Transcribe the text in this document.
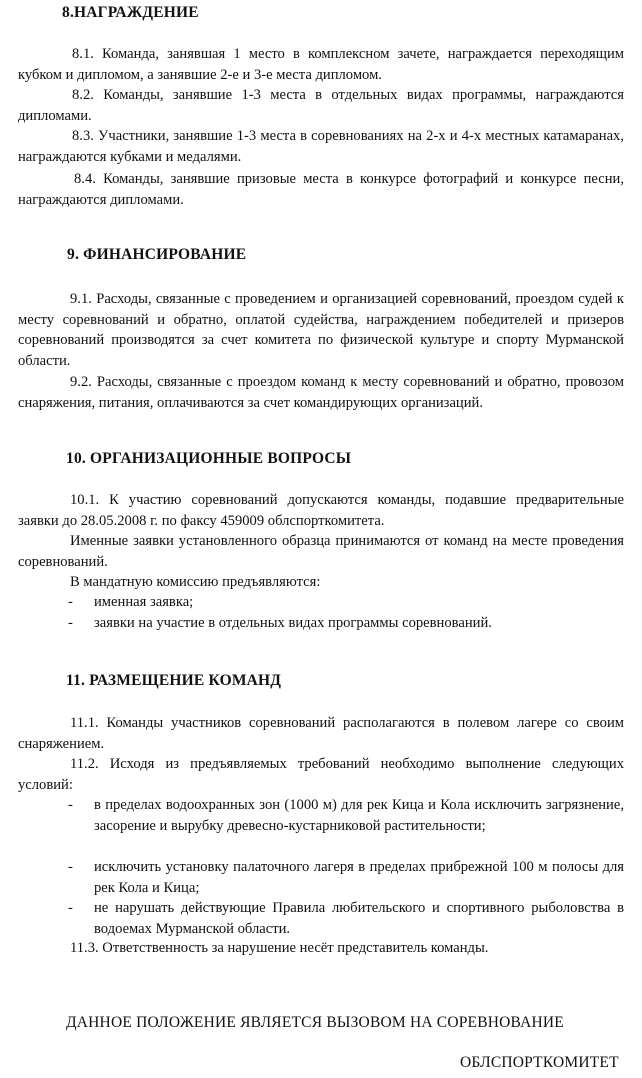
8.НАГРАЖДЕНИЕ
8.1. Команда, занявшая 1 место в комплексном зачете, награждается переходящим кубком и дипломом, а занявшие 2-е и 3-е места дипломом.
8.2. Команды, занявшие 1-3 места в отдельных видах программы, награждаются дипломами.
8.3. Участники, занявшие 1-3 места в соревнованиях на 2-х и 4-х местных катамаранах, награждаются кубками и медалями.
8.4. Команды, занявшие призовые места в конкурсе фотографий и конкурсе песни, награждаются дипломами.
9. ФИНАНСИРОВАНИЕ
9.1. Расходы, связанные с проведением и организацией соревнований, проездом судей к месту соревнований и обратно, оплатой судейства, награждением победителей и призеров соревнований производятся за счет комитета по физической культуре и спорту Мурманской области.
9.2. Расходы, связанные с проездом команд к месту соревнований и обратно, провозом снаряжения, питания, оплачиваются за счет командирующих организаций.
10. ОРГАНИЗАЦИОННЫЕ ВОПРОСЫ
10.1. К участию соревнований допускаются команды, подавшие предварительные заявки до 28.05.2008 г. по факсу 459009 облспорткомитета.
Именные заявки установленного образца принимаются от команд на месте проведения соревнований.
В мандатную комиссию предъявляются:
- именная заявка;
- заявки на участие в отдельных видах программы соревнований.
11. РАЗМЕЩЕНИЕ КОМАНД
11.1. Команды участников соревнований располагаются в полевом лагере со своим снаряжением.
11.2. Исходя из предъявляемых требований необходимо выполнение следующих условий:
- в пределах водоохранных зон (1000 м) для рек Кица и Кола исключить загрязнение, засорение и вырубку древесно-кустарниковой растительности;
- исключить установку палаточного лагеря в пределах прибрежной 100 м полосы для рек Кола и Кица;
- не нарушать действующие Правила любительского и спортивного рыболовства в водоемах Мурманской области.
11.3. Ответственность за нарушение несёт представитель команды.
ДАННОЕ ПОЛОЖЕНИЕ ЯВЛЯЕТСЯ ВЫЗОВОМ НА СОРЕВНОВАНИЕ
ОБЛСПОРТКОМИТЕТ
